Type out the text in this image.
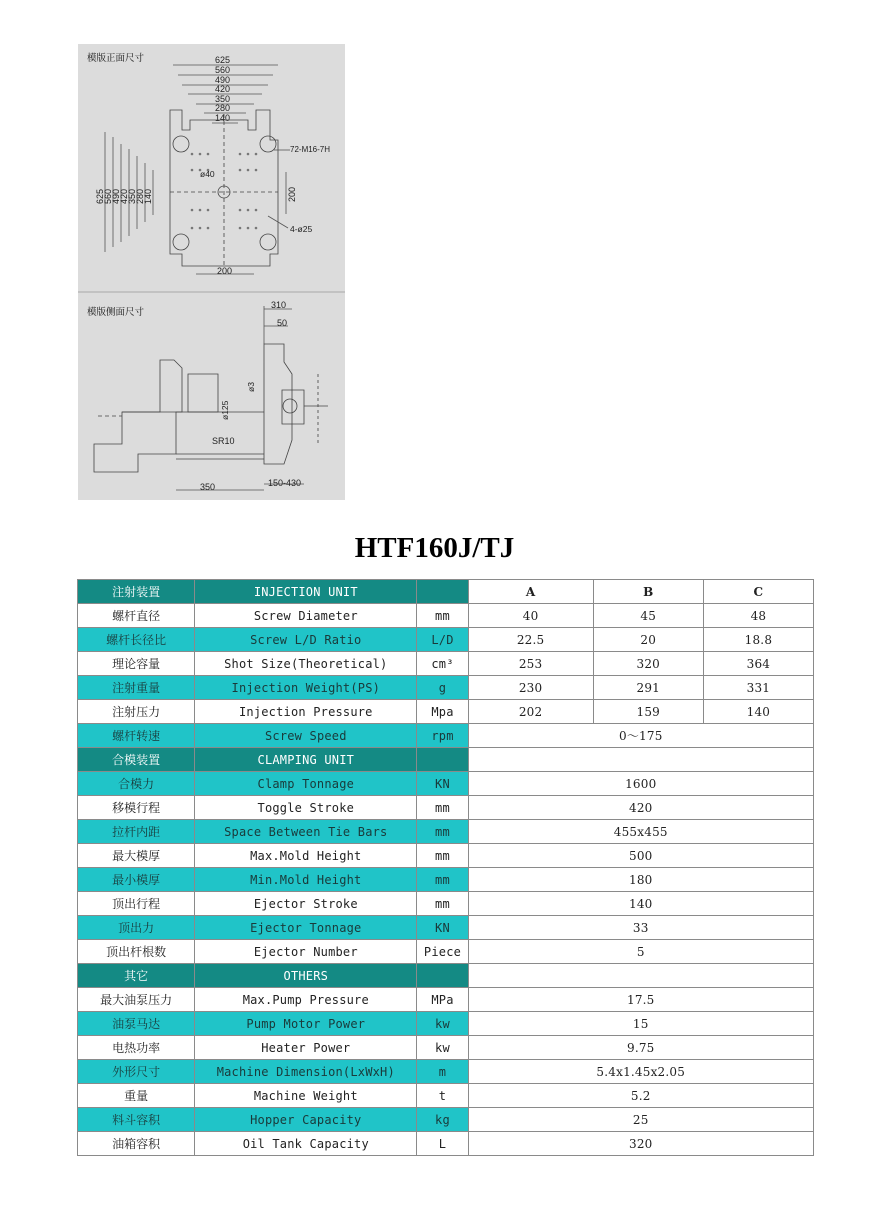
模版正面尺寸	625
560
490
420
350
280
140
625
560
490
420
350
280
140
72-M16-7H
ø40
200
4-ø25
200
模版侧面尺寸
310
50
ø3
ø125
SR10
350	150-430
HTF160J/TJ
注射装置	INJECTION UNIT		A	B	C
螺杆直径	Screw Diameter	mm	40	45	48
螺杆长径比	Screw L/D Ratio	L/D	22.5	20	18.8
理论容量	Shot Size(Theoretical)	cm³	253	320	364
注射重量	Injection Weight(PS)	g	230	291	331
注射压力	Injection Pressure	Mpa	202	159	140
螺杆转速	Screw Speed	rpm	0～175		
合模装置	CLAMPING UNIT				
合模力	Clamp Tonnage	KN	1600		
移模行程	Toggle Stroke	mm	420		
拉杆内距	Space Between Tie Bars	mm	455x455		
最大模厚	Max.Mold Height	mm	500		
最小模厚	Min.Mold Height	mm	180		
顶出行程	Ejector Stroke	mm	140		
顶出力	Ejector Tonnage	KN	33		
顶出杆根数	Ejector Number	Piece	5		
其它	OTHERS				
最大油泵压力	Max.Pump Pressure	MPa	17.5		
油泵马达	Pump Motor Power	kw	15		
电热功率	Heater Power	kw	9.75		
外形尺寸	Machine Dimension(LxWxH)	m	5.4x1.45x2.05		
重量	Machine Weight	t	5.2		
料斗容积	Hopper Capacity	kg	25		
油箱容积	Oil Tank Capacity	L	320		
